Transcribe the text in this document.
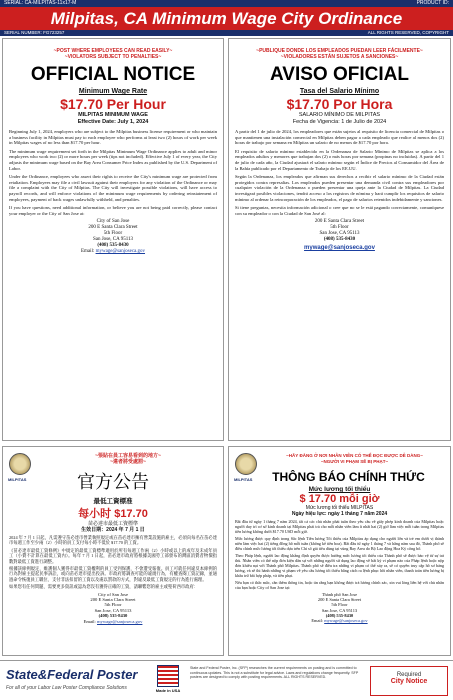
SERIAL: CA-MILPITAS-11x17-M	PRODUCT ID:
Milpitas, CA Minimum Wage City Ordinance
SERIAL NUMBER: FG723257	ALL RIGHTS RESERVED, COPYRIGHT
~POST WHERE EMPLOYEES CAN READ EASILY~
~VIOLATORS SUBJECT TO PENALTIES~
OFFICIAL NOTICE
Minimum Wage Rate
$17.70 Per Hour
MILPITAS MINIMUM WAGE
Effective Date: July 1, 2024

Beginning July 1, 2024, employers who are subject to the Milpitas business license requirement or who maintain a business facility in Milpitas must pay to each employee who performs at least two (2) hours of work per week in Milpitas wages of no less than $17.70 per hour.

The minimum wage requirement set forth in the Milpitas Minimum Wage Ordinance applies to adult and minor employees who work two (2) or more hours per week (tips not included). Effective July 1 of every year, the City adjusts the minimum wage based on the Bay Area Consumer Price Index as published by the U.S. Department of Labor.

Under the Ordinance, employees who assert their rights to receive the City's minimum wage are protected from retaliation. Employees may file a civil lawsuit against their employers for any violation of the Ordinance or may file a complaint with the City of Milpitas. The City will investigate possible violations, will have access to payroll records, and will enforce violations of the minimum wage requirements by ordering reinstatement of employees, payment of back wages unlawfully withheld, and penalties.

If you have questions, need additional information, or believe you are not being paid correctly, please contact your employer or the City of San Jose at:

City of San Jose
200 E Santa Clara Street
5th Floor
San Jose, CA 95113
(408) 535-8430
Email: mywage@sanjoseca.gov
~PUBLIQUE DONDE LOS EMPLEADOS PUEDAN LEER FÁCILMENTE~
~VIOLADORES ESTÁN SUJETOS A SANCIONES~
AVISO OFICIAL
Tasa del Salario Mínimo
$17.70 Por Hora
SALARIO MÍNIMO DE MILPITAS
Fecha de Vigencia: 1 de Julio de 2024

A partir del 1 de julio de 2024, los empleadores que están sujetos al requisito de licencia comercial de Milpitas o que mantienen una instalación comercial en Milpitas deben pagar a cada empleado que realice al menos dos (2) horas de trabajo por semana en Milpitas un salario de no menos de $17.70 por hora.

El requisito de salario mínimo establecido en la Ordenanza de Salario Mínimo de Milpitas se aplica a los empleados adultos y menores que trabajan dos (2) o más horas por semana (propinas no incluidas). A partir del 1 de julio de cada año, la Ciudad ajustará el salario mínimo según el Índice de Precios al Consumidor del Área de la Bahía publicado por el Departamento de Trabajo de los EE.UU.

Según la Ordenanza, los empleados que afirman sus derechos a recibir el salario mínimo de la Ciudad están protegidos contra represalias. Los empleados pueden presentar una demanda civil contra sus empleadores por cualquier violación de la Ordenanza o pueden presentar una queja ante la Ciudad de Milpitas. La Ciudad investigará posibles violaciones, tendrá acceso a los registros de nómina y hará cumplir los requisitos de salario mínimo al ordenar la reincorporación de los empleados, el pago de salarios retenidos indebidamente y sanciones.

Si tiene preguntas, necesita información adicional o cree que no se le está pagando correctamente, comuníquese con su empleador o con la Ciudad de San José al:

200 E Santa Clara Street
5th Floor
San Jose, CA 95113
(408) 535-8430
mywage@sanjoseca.gov
MILPITAS
~張貼在員工容易看到的地方~
~違者將受處罰~
官方公告
最低工資標准
每小时 $17.70
苗必達市最低工資標準
生效日期：2024 年 7 月 1 日

2024 年 7 月 1 日起，凡需遵守苗必達市營業執照規定或在苗必達市擁有營業設施的雇主，必須向每名在苗必達市每週工作至少兩（2）小時的員工支付每小時不低於 $17.70 的工資。

《苗必達市最低工資條例》中規定的最低工資標準適用於所有每週工作兩（2）小時或以上的成年及未成年員工（小費不計算在最低工資內）。每年 7 月 1 日起，苗必達市政府將根據美國勞工部發布的灣區消費者物價指數對最低工資進行調整。

根據該條例規定，維護個人獲得市最低工資權利的員工受到保護，不會遭受報復。員工可就任何違反本條例的行為對雇主提起民事訴訟，或向苗必達市提出投訴。市政府將調查可能的違規行為，有權查閱工資記錄，並通過命令恢復員工職位、支付非法扣留的工資以及處以罰款的方式，對違反最低工資規定的行為進行處理。

如果您有任何問題、需要更多資訊或認為您沒有獲得正確的工資，請聯繫您的雇主或聖荷西市政府：

City of San Jose
200 E Santa Clara Street
5th Floor
San Jose, CA 95113
(408) 535-8430
Email: mywage@sanjoseca.gov
MILPITAS
~HÃY ĐĂNG Ở NƠI NHÂN VIÊN CÓ THỂ ĐỌC ĐƯỢC DỄ DÀNG~
~NGƯỜI VI PHẠM SẼ BỊ PHẠT~
THÔNG BÁO CHÍNH THỨC
Mức lương tối thiểu
$ 17.70 mỗi giờ
Mức lương tối thiểu MILPITAS
Ngày hiệu lực: ngày 1 tháng 7 năm 2024

Bắt đầu từ ngày 1 tháng 7 năm 2024, tất cả các chủ nhân phải tuân theo yêu cầu về giấy phép kinh doanh của Milpitas hoặc người duy trì cơ sở kinh doanh tại Milpitas phải trả cho mỗi nhân viên làm ít nhất hai (2) giờ làm việc mỗi tuần trong Milpitas tiền lương không dưới $17.70 USD mỗi giờ.

Mức lương được quy định trong Sắc lệnh Tiền lương Tối thiểu của Milpitas áp dụng cho người lớn và trẻ em dưới vị thành niên làm việc hai (2) tiếng đồng hồ mỗi tuần (không kể tiền boa). Bắt đầu từ ngày 1 tháng 7 và hằng năm sau đó, Thành phố sẽ điều chỉnh mức lương tối thiểu dựa trên Chỉ số giá tiêu dùng tại vùng Bay Area do Bộ Lao động Hoa Kỳ công bố.

Theo Pháp lệnh, người lao động khẳng định quyền được hưởng mức lương tối thiểu của Thành phố sẽ được bảo vệ từ sự trả thù. Nhân viên có thể nộp đơn kiện dân sự với những người sử dụng lao động về bất kỳ vi phạm nào của Pháp lệnh hoặc nộp đơn khiếu nại với Thành phố Milpitas. Thành phố sẽ điều tra những vi phạm có thể xảy ra, sẽ có quyền truy cập hồ sơ bảng lương, và sẽ thi hành những vi phạm về yêu cầu lương tối thiểu bằng cách ra lệnh phục hồi nhân viên, thanh toán tiền lương bị khấu trừ bất hợp pháp, và tiền phạt.

Nếu bạn có thắc mắc, cần thêm thông tin, hoặc tin rằng bạn không được trả lương chính xác, xin vui lòng liên hệ với chủ nhân của bạn hoặc City of San Jose tại:

Thành phố San Jose
200 E Santa Clara Street
5th Floor
San Jose, CA 95113
(408) 535-8430
Email: mywage@sanjoseca.gov
State&Federal Poster
For all of your Labor Law Poster Compliance Solutions	Made in USA
State and Federal Poster, Inc. (SFP) researches the current requirements on posting and is committed to continuous updates. This is not a substitute for legal advice. Laws and regulations change frequently. SFP posters are designed to comply with posting requirements. ALL RIGHTS RESERVED.	Required
City Notice
